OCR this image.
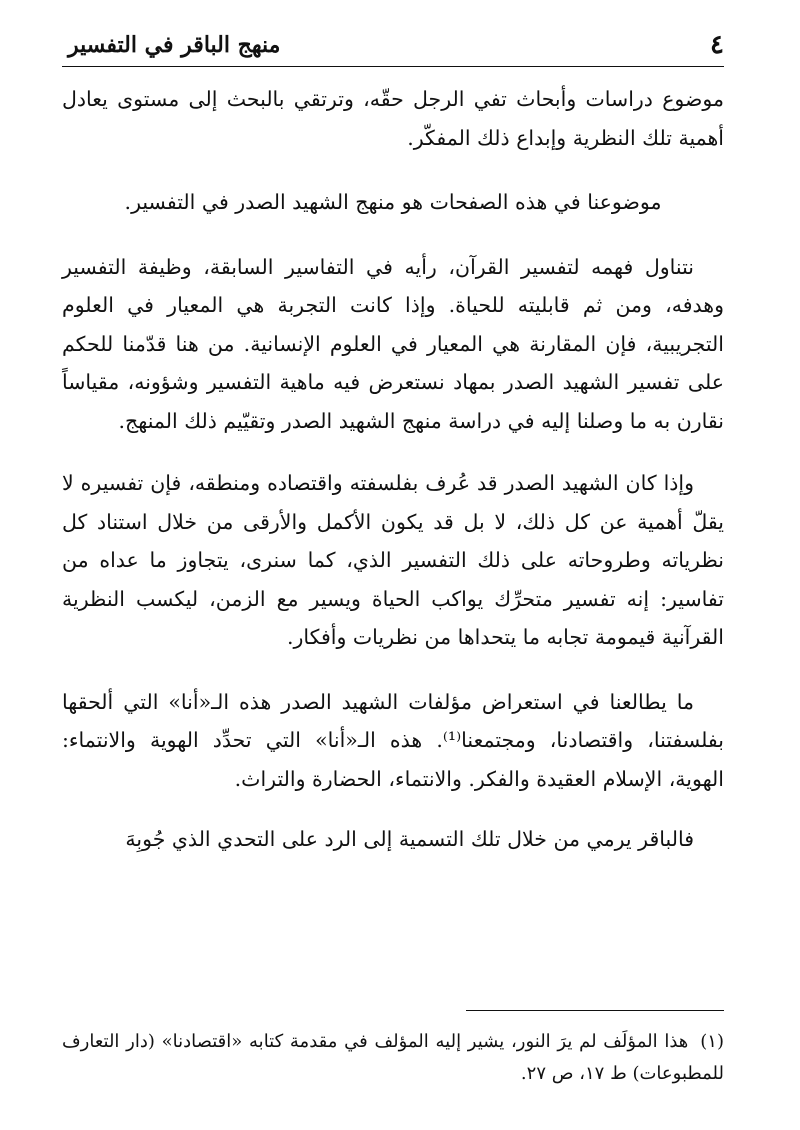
٤
منهج الباقر في التفسير

موضوع دراسات وأبحاث تفي الرجل حقّه، وترتقي بالبحث إلى مستوى يعادل أهمية تلك النظرية وإبداع ذلك المفكّر.

موضوعنا في هذه الصفحات هو منهج الشهيد الصدر في التفسير.

نتناول فهمه لتفسير القرآن، رأيه في التفاسير السابقة، وظيفة التفسير وهدفه، ومن ثم قابليته للحياة. وإذا كانت التجربة هي المعيار في العلوم التجريبية، فإن المقارنة هي المعيار في العلوم الإنسانية. من هنا قدّمنا للحكم على تفسير الشهيد الصدر بمهاد نستعرض فيه ماهية التفسير وشؤونه، مقياساً نقارن به ما وصلنا إليه في دراسة منهج الشهيد الصدر وتقيّيم ذلك المنهج.

وإذا كان الشهيد الصدر قد عُرف بفلسفته واقتصاده ومنطقه، فإن تفسيره لا يقلّ أهمية عن كل ذلك، لا بل قد يكون الأكمل والأرقى من خلال استناد كل نظرياته وطروحاته على ذلك التفسير الذي، كما سنرى، يتجاوز ما عداه من تفاسير: إنه تفسير متحرِّك يواكب الحياة ويسير مع الزمن، ليكسب النظرية القرآنية قيمومة تجابه ما يتحداها من نظريات وأفكار.

ما يطالعنا في استعراض مؤلفات الشهيد الصدر هذه الـ«أنا» التي ألحقها بفلسفتنا، واقتصادنا، ومجتمعنا⁽¹⁾. هذه الـ«أنا» التي تحدِّد الهوية والانتماء: الهوية، الإسلام العقيدة والفكر. والانتماء، الحضارة والتراث.

فالباقر يرمي من خلال تلك التسمية إلى الرد على التحدي الذي جُوبِهَ

(١)هذا المؤلَف لم يرَ النور، يشير إليه المؤلف في مقدمة كتابه «اقتصادنا» (دار التعارف للمطبوعات) ط ١٧، ص ٢٧.
